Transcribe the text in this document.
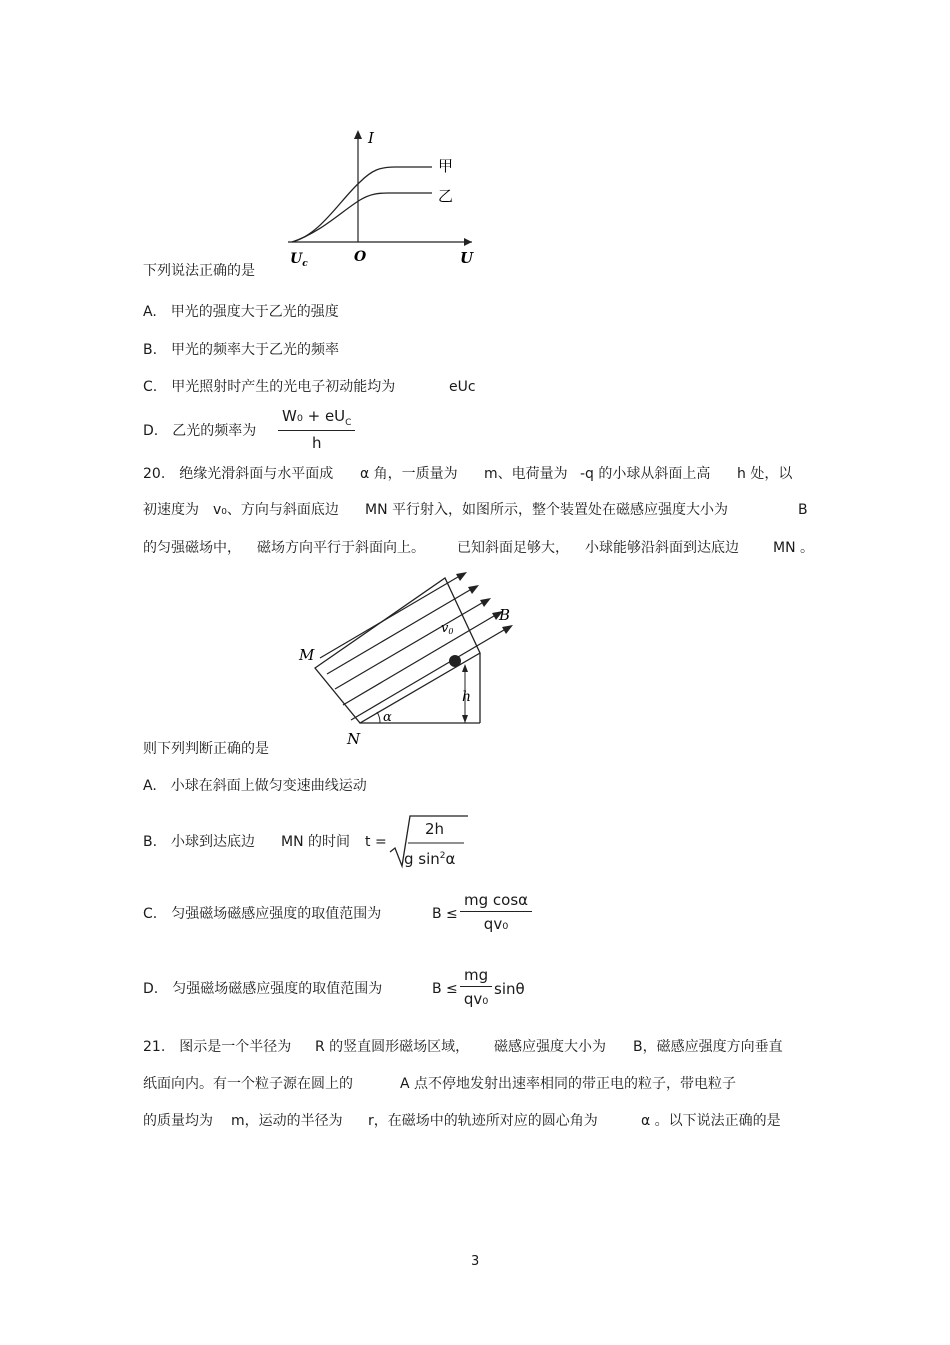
I
甲
乙
$U_c$	O	U
下列说法正确的是
A.　甲光的强度大于乙光的强度
B.　甲光的频率大于乙光的频率
C.　甲光照射时产生的光电子初动能均为	eUc
D.　乙光的频率为
$W_0 + eU_C$
h
20.　绝缘光滑斜面与水平面成 α 角，一质量为 m、电荷量为 -q 的小球从斜面上高 h 处，以
初速度为 v₀、方向与斜面底边 MN 平行射入，如图所示，整个装置处在磁感应强度大小为	B
的匀强磁场中， 磁场方向平行于斜面向上。 已知斜面足够大， 小球能够沿斜面到达底边 MN 。
M
N
B
v0
h
α
则下列判断正确的是
A.　小球在斜面上做匀变速曲线运动
B.　小球到达底边 MN 的时间 t =
2h
g $\sin^2\alpha$
C.　匀强磁场磁感应强度的取值范围为	$B \le \frac{\text{mg cosα}}{\text{qv₀}}$
D.　匀强磁场磁感应强度的取值范围为	$B \le \frac{mg}{\text{qv₀}}$ sinθ
21.　图示是一个半径为 R 的竖直圆形磁场区域， 磁感应强度大小为 B，磁感应强度方向垂直
纸面向内。有一个粒子源在圆上的	A 点不停地发射出速率相同的带正电的粒子，带电粒子
的质量均为 m，运动的半径为 r，在磁场中的轨迹所对应的圆心角为	α 。以下说法正确的是
3
